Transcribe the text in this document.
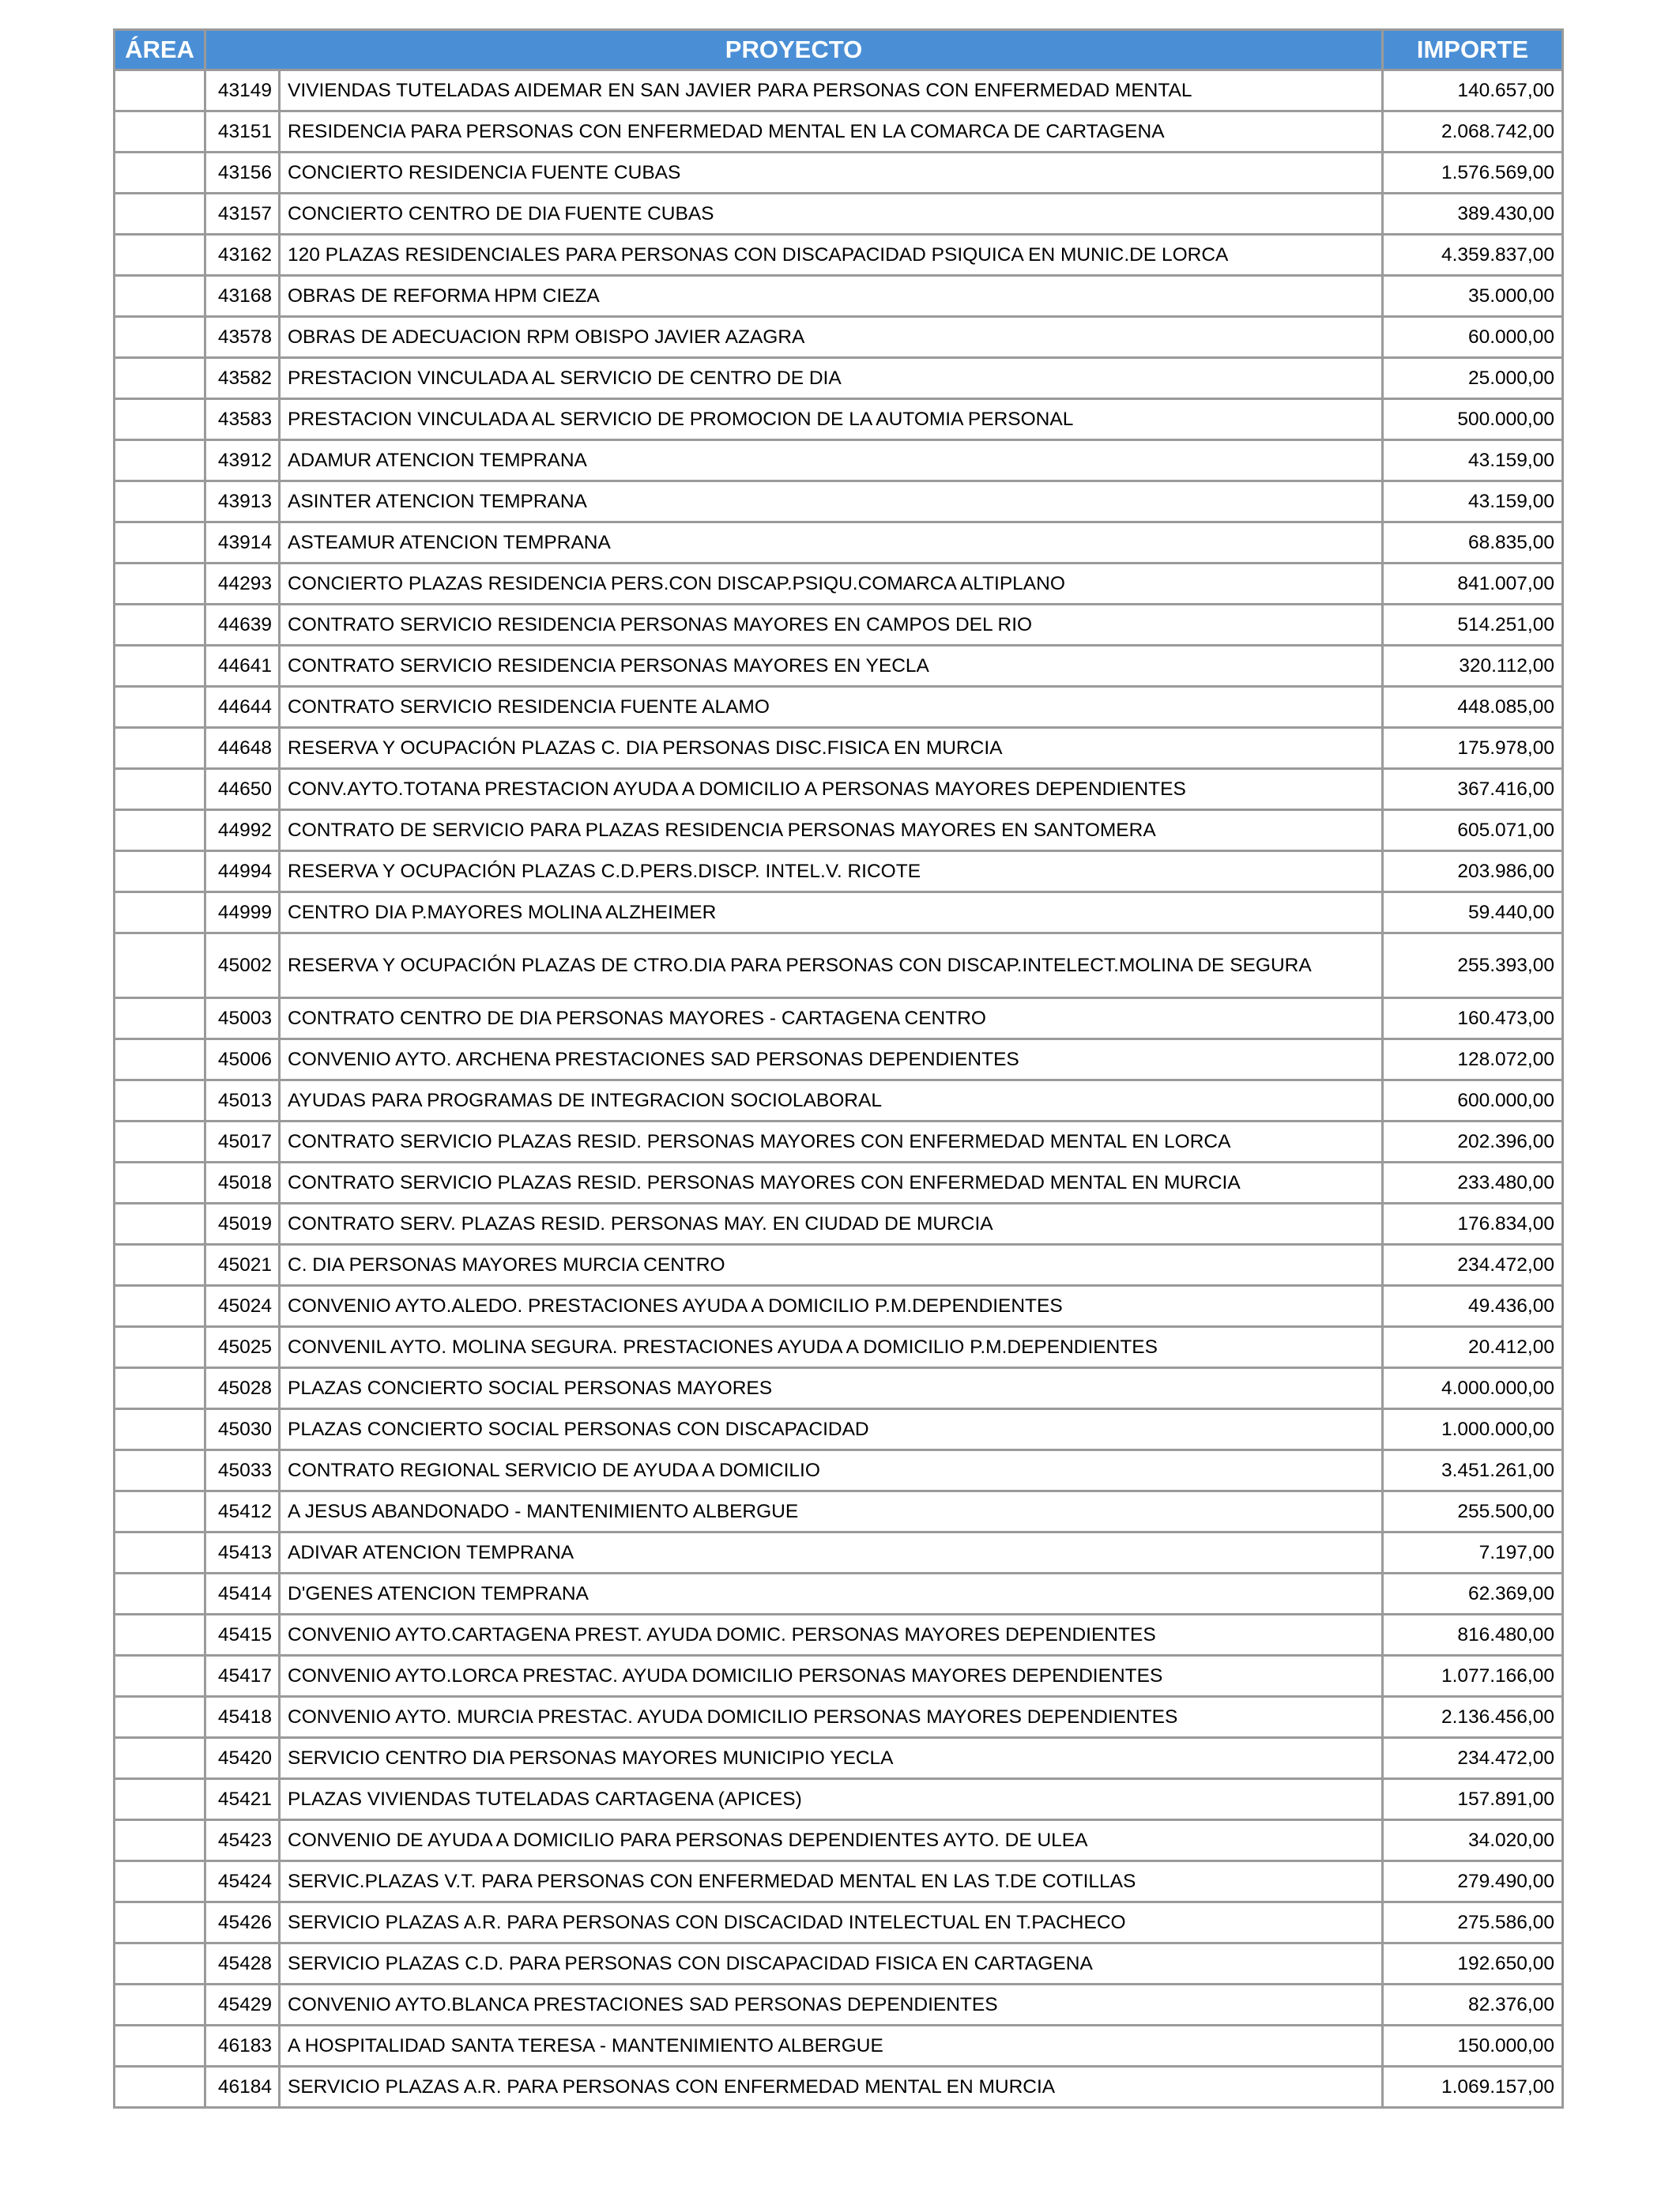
ÁREA	PROYECTO		IMPORTE
	43149	VIVIENDAS TUTELADAS AIDEMAR EN SAN JAVIER PARA PERSONAS CON ENFERMEDAD MENTAL	140.657,00
	43151	RESIDENCIA PARA PERSONAS CON ENFERMEDAD MENTAL EN LA COMARCA DE CARTAGENA	2.068.742,00
	43156	CONCIERTO RESIDENCIA FUENTE CUBAS	1.576.569,00
	43157	CONCIERTO CENTRO DE DIA FUENTE CUBAS	389.430,00
	43162	120 PLAZAS RESIDENCIALES PARA PERSONAS CON DISCAPACIDAD PSIQUICA EN MUNIC.DE LORCA	4.359.837,00
	43168	OBRAS DE REFORMA HPM CIEZA	35.000,00
	43578	OBRAS DE ADECUACION RPM OBISPO JAVIER AZAGRA	60.000,00
	43582	PRESTACION VINCULADA AL SERVICIO DE CENTRO DE DIA	25.000,00
	43583	PRESTACION VINCULADA AL SERVICIO DE PROMOCION DE LA AUTOMIA PERSONAL	500.000,00
	43912	ADAMUR ATENCION TEMPRANA	43.159,00
	43913	ASINTER ATENCION TEMPRANA	43.159,00
	43914	ASTEAMUR ATENCION TEMPRANA	68.835,00
	44293	CONCIERTO PLAZAS RESIDENCIA PERS.CON DISCAP.PSIQU.COMARCA ALTIPLANO	841.007,00
	44639	CONTRATO SERVICIO RESIDENCIA PERSONAS MAYORES EN CAMPOS DEL RIO	514.251,00
	44641	CONTRATO SERVICIO RESIDENCIA PERSONAS MAYORES EN YECLA	320.112,00
	44644	CONTRATO SERVICIO RESIDENCIA FUENTE ALAMO	448.085,00
	44648	RESERVA Y OCUPACIÓN PLAZAS C. DIA PERSONAS DISC.FISICA EN MURCIA	175.978,00
	44650	CONV.AYTO.TOTANA PRESTACION AYUDA A DOMICILIO A PERSONAS MAYORES DEPENDIENTES	367.416,00
	44992	CONTRATO DE SERVICIO PARA PLAZAS RESIDENCIA PERSONAS MAYORES EN SANTOMERA	605.071,00
	44994	RESERVA Y OCUPACIÓN PLAZAS C.D.PERS.DISCP. INTEL.V. RICOTE	203.986,00
	44999	CENTRO DIA P.MAYORES MOLINA ALZHEIMER	59.440,00
	45002	RESERVA Y OCUPACIÓN PLAZAS DE CTRO.DIA PARA PERSONAS CON DISCAP.INTELECT.MOLINA DE SEGURA	255.393,00
	45003	CONTRATO CENTRO DE DIA PERSONAS MAYORES - CARTAGENA CENTRO	160.473,00
	45006	CONVENIO AYTO. ARCHENA PRESTACIONES SAD PERSONAS DEPENDIENTES	128.072,00
	45013	AYUDAS PARA PROGRAMAS DE INTEGRACION SOCIOLABORAL	600.000,00
	45017	CONTRATO SERVICIO PLAZAS RESID. PERSONAS MAYORES CON ENFERMEDAD MENTAL EN LORCA	202.396,00
	45018	CONTRATO SERVICIO PLAZAS RESID. PERSONAS MAYORES CON ENFERMEDAD MENTAL EN MURCIA	233.480,00
	45019	CONTRATO SERV. PLAZAS RESID. PERSONAS MAY. EN CIUDAD DE MURCIA	176.834,00
	45021	C. DIA PERSONAS MAYORES MURCIA CENTRO	234.472,00
	45024	CONVENIO AYTO.ALEDO. PRESTACIONES AYUDA A DOMICILIO P.M.DEPENDIENTES	49.436,00
	45025	CONVENIL AYTO. MOLINA SEGURA. PRESTACIONES AYUDA A DOMICILIO P.M.DEPENDIENTES	20.412,00
	45028	PLAZAS CONCIERTO SOCIAL PERSONAS MAYORES	4.000.000,00
	45030	PLAZAS CONCIERTO SOCIAL PERSONAS CON DISCAPACIDAD	1.000.000,00
	45033	CONTRATO REGIONAL SERVICIO DE AYUDA A DOMICILIO	3.451.261,00
	45412	A JESUS ABANDONADO - MANTENIMIENTO ALBERGUE	255.500,00
	45413	ADIVAR ATENCION TEMPRANA	7.197,00
	45414	D'GENES ATENCION TEMPRANA	62.369,00
	45415	CONVENIO AYTO.CARTAGENA PREST. AYUDA DOMIC. PERSONAS MAYORES DEPENDIENTES	816.480,00
	45417	CONVENIO AYTO.LORCA PRESTAC. AYUDA DOMICILIO PERSONAS MAYORES DEPENDIENTES	1.077.166,00
	45418	CONVENIO AYTO. MURCIA PRESTAC. AYUDA DOMICILIO PERSONAS MAYORES DEPENDIENTES	2.136.456,00
	45420	SERVICIO CENTRO DIA PERSONAS MAYORES MUNICIPIO YECLA	234.472,00
	45421	PLAZAS VIVIENDAS TUTELADAS CARTAGENA (APICES)	157.891,00
	45423	CONVENIO DE AYUDA A DOMICILIO PARA PERSONAS DEPENDIENTES AYTO. DE ULEA	34.020,00
	45424	SERVIC.PLAZAS V.T. PARA PERSONAS CON ENFERMEDAD MENTAL EN LAS T.DE COTILLAS	279.490,00
	45426	SERVICIO PLAZAS A.R. PARA PERSONAS CON DISCACIDAD INTELECTUAL EN T.PACHECO	275.586,00
	45428	SERVICIO PLAZAS C.D. PARA PERSONAS CON DISCAPACIDAD FISICA EN CARTAGENA	192.650,00
	45429	CONVENIO AYTO.BLANCA PRESTACIONES SAD PERSONAS DEPENDIENTES	82.376,00
	46183	A HOSPITALIDAD SANTA TERESA - MANTENIMIENTO ALBERGUE	150.000,00
	46184	SERVICIO PLAZAS A.R. PARA PERSONAS CON ENFERMEDAD MENTAL EN MURCIA	1.069.157,00
